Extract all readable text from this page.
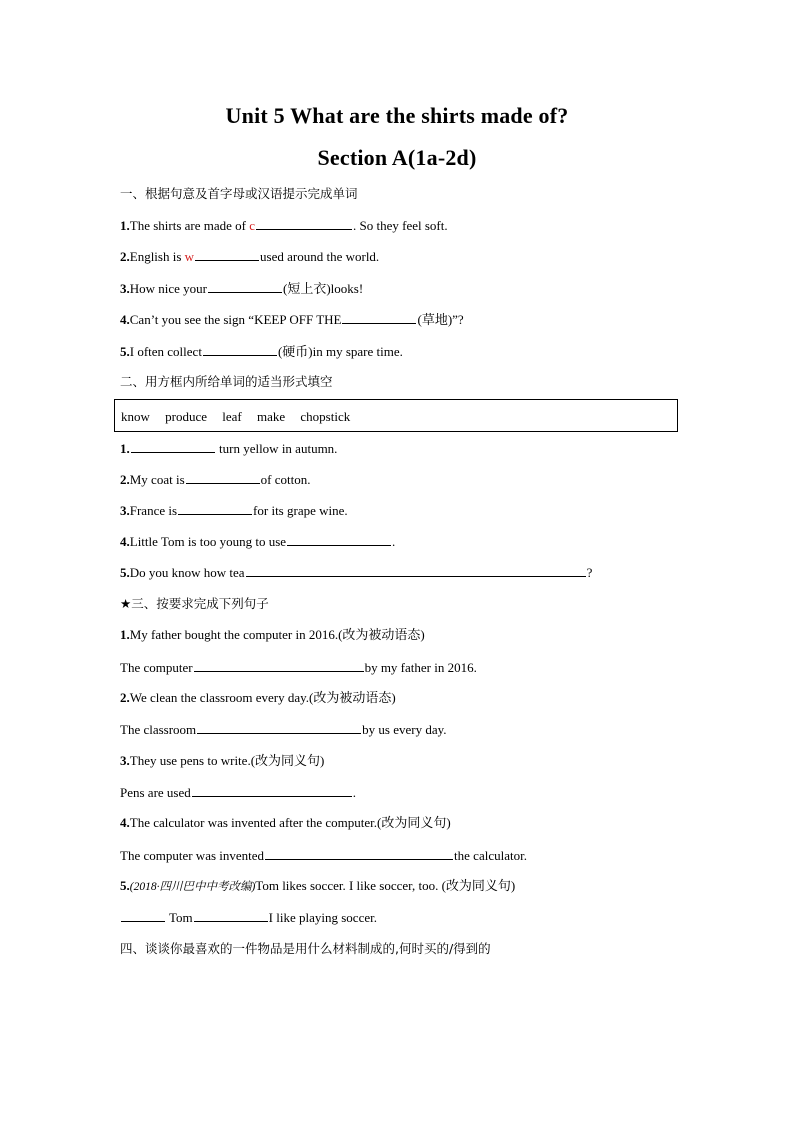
Unit 5 What are the shirts made of?
Section A(1a-2d)
一、根据句意及首字母或汉语提示完成单词
1.The shirts are made of c	. So they feel soft.
2.English is w	used around the world.
3.How nice your	(短上衣)looks!
4.Can’t you see the sign “KEEP OFF THE	(草地)”?
5.I often collect	(硬币)in my spare time.
二、用方框内所给单词的适当形式填空
know produce leaf make chopstick
1.	turn yellow in autumn.
2.My coat is	of cotton.
3.France is	for its grape wine.
4.Little Tom is too young to use	.
5.Do you know how tea	?
★三、按要求完成下列句子
1.My father bought the computer in 2016.(改为被动语态)
The computer	by my father in 2016.
2.We clean the classroom every day.(改为被动语态)
The classroom	by us every day.
3.They use pens to write.(改为同义句)
Pens are used	.
4.The calculator was invented after the computer.(改为同义句)
The computer was invented	the calculator.
5.(2018·四川巴中中考改编)Tom likes soccer. I like soccer, too. (改为同义句)
Tom	I like playing soccer.
四、谈谈你最喜欢的一件物品是用什么材料制成的,何时买的/得到的
